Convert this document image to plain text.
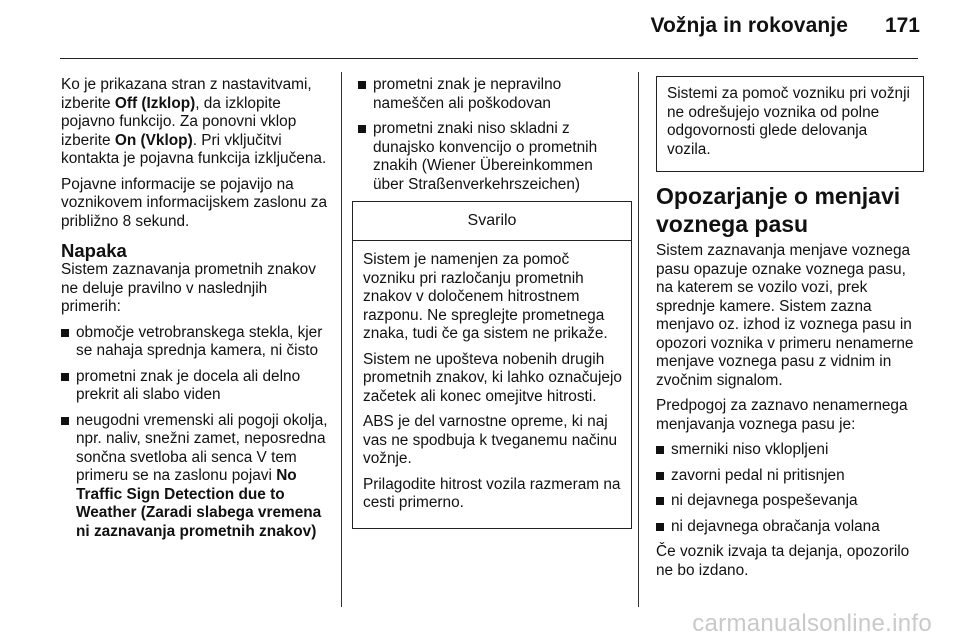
Vožnja in rokovanje 171

Ko je prikazana stran z nastavitvami, izberite Off (Izklop), da izklopite pojavno funkcijo. Za ponovni vklop izberite On (Vklop). Pri vključitvi kontakta je pojavna funkcija izključena.

Pojavne informacije se pojavijo na voznikovem informacijskem zaslonu za približno 8 sekund.

Napaka

Sistem zaznavanja prometnih znakov ne deluje pravilno v naslednjih primerih:

območje vetrobranskega stekla, kjer se nahaja sprednja kamera, ni čisto
prometni znak je docela ali delno prekrit ali slabo viden
neugodni vremenski ali pogoji okolja, npr. naliv, snežni zamet, neposredna sončna svetloba ali senca V tem primeru se na zaslonu pojavi No Traffic Sign Detection due to Weather (Zaradi slabega vremena ni zaznavanja prometnih znakov)
prometni znak je nepravilno nameščen ali poškodovan
prometni znaki niso skladni z dunajsko konvencijo o prometnih znakih (Wiener Übereinkommen über Straßenverkehrszeichen)
Svarilo

Sistem je namenjen za pomoč vozniku pri razločanju prometnih znakov v določenem hitrostnem razponu. Ne spreglejte prometnega znaka, tudi če ga sistem ne prikaže.

Sistem ne upošteva nobenih drugih prometnih znakov, ki lahko označujejo začetek ali konec omejitve hitrosti.

ABS je del varnostne opreme, ki naj vas ne spodbuja k tveganemu načinu vožnje.

Prilagodite hitrost vozila razmeram na cesti primerno.

Sistemi za pomoč vozniku pri vožnji ne odrešujejo voznika od polne odgovornosti glede delovanja vozila.

Opozarjanje o menjavi voznega pasu

Sistem zaznavanja menjave voznega pasu opazuje oznake voznega pasu, na katerem se vozilo vozi, prek sprednje kamere. Sistem zazna menjavo oz. izhod iz voznega pasu in opozori voznika v primeru nenamerne menjave voznega pasu z vidnim in zvočnim signalom.

Predpogoj za zaznavo nenamernega menjavanja voznega pasu je:

smerniki niso vklopljeni
zavorni pedal ni pritisnjen
ni dejavnega pospeševanja
ni dejavnega obračanja volana

Če voznik izvaja ta dejanja, opozorilo ne bo izdano.

carmanualsonline.info
